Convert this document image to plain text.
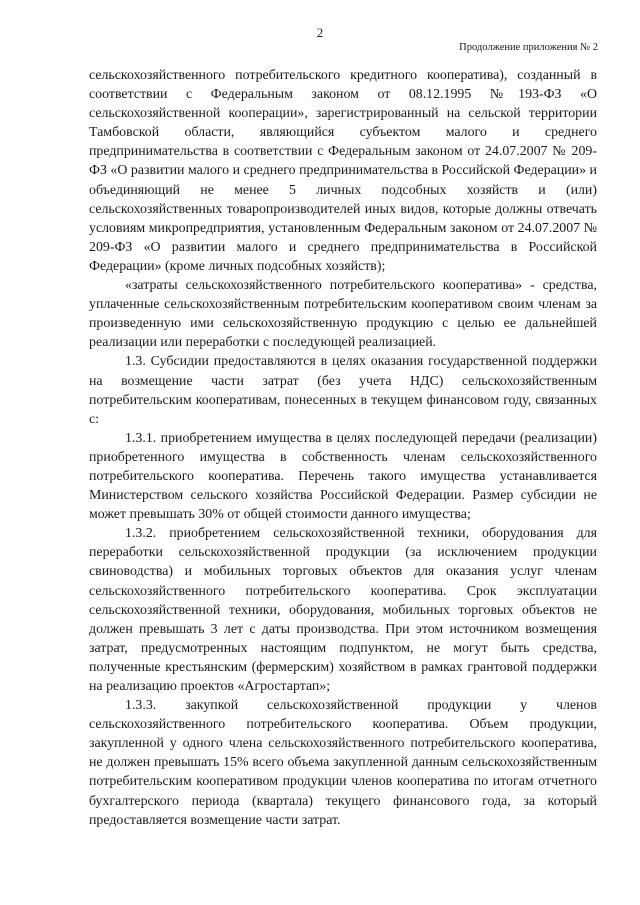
2
Продолжение приложения № 2

сельскохозяйственного потребительского кредитного кооператива), созданный в соответствии с Федеральным законом от 08.12.1995 №193-ФЗ «О сельскохозяйственной кооперации», зарегистрированный на сельской территории Тамбовской области, являющийся субъектом малого и среднего предпринимательства в соответствии с Федеральным законом от 24.07.2007 № 209-ФЗ «О развитии малого и среднего предпринимательства в Российской Федерации» и объединяющий не менее 5 личных подсобных хозяйств и (или) сельскохозяйственных товаропроизводителей иных видов, которые должны отвечать условиям микропредприятия, установленным Федеральным законом от 24.07.2007 № 209-ФЗ «О развитии малого и среднего предпринимательства в Российской Федерации» (кроме личных подсобных хозяйств);

«затраты сельскохозяйственного потребительского кооператива» - средства, уплаченные сельскохозяйственным потребительским кооперативом своим членам за произведенную ими сельскохозяйственную продукцию с целью ее дальнейшей реализации или переработки с последующей реализацией.

1.3. Субсидии предоставляются в целях оказания государственной поддержки на возмещение части затрат (без учета НДС) сельскохозяйственным потребительским кооперативам, понесенных в текущем финансовом году, связанных с:

1.3.1. приобретением имущества в целях последующей передачи (реализации) приобретенного имущества в собственность членам сельскохозяйственного потребительского кооператива. Перечень такого имущества устанавливается Министерством сельского хозяйства Российской Федерации. Размер субсидии не может превышать 30% от общей стоимости данного имущества;

1.3.2. приобретением сельскохозяйственной техники, оборудования для переработки сельскохозяйственной продукции (за исключением продукции свиноводства) и мобильных торговых объектов для оказания услуг членам сельскохозяйственного потребительского кооператива. Срок эксплуатации сельскохозяйственной техники, оборудования, мобильных торговых объектов не должен превышать 3 лет с даты производства. При этом источником возмещения затрат, предусмотренных настоящим подпунктом, не могут быть средства, полученные крестьянским (фермерским) хозяйством в рамках грантовой поддержки на реализацию проектов «Агростартап»;

1.3.3. закупкой сельскохозяйственной продукции у членов сельскохозяйственного потребительского кооператива. Объем продукции, закупленной у одного члена сельскохозяйственного потребительского кооператива, не должен превышать 15% всего объема закупленной данным сельскохозяйственным потребительским кооперативом продукции членов кооператива по итогам отчетного бухгалтерского периода (квартала) текущего финансового года, за который предоставляется возмещение части затрат.
